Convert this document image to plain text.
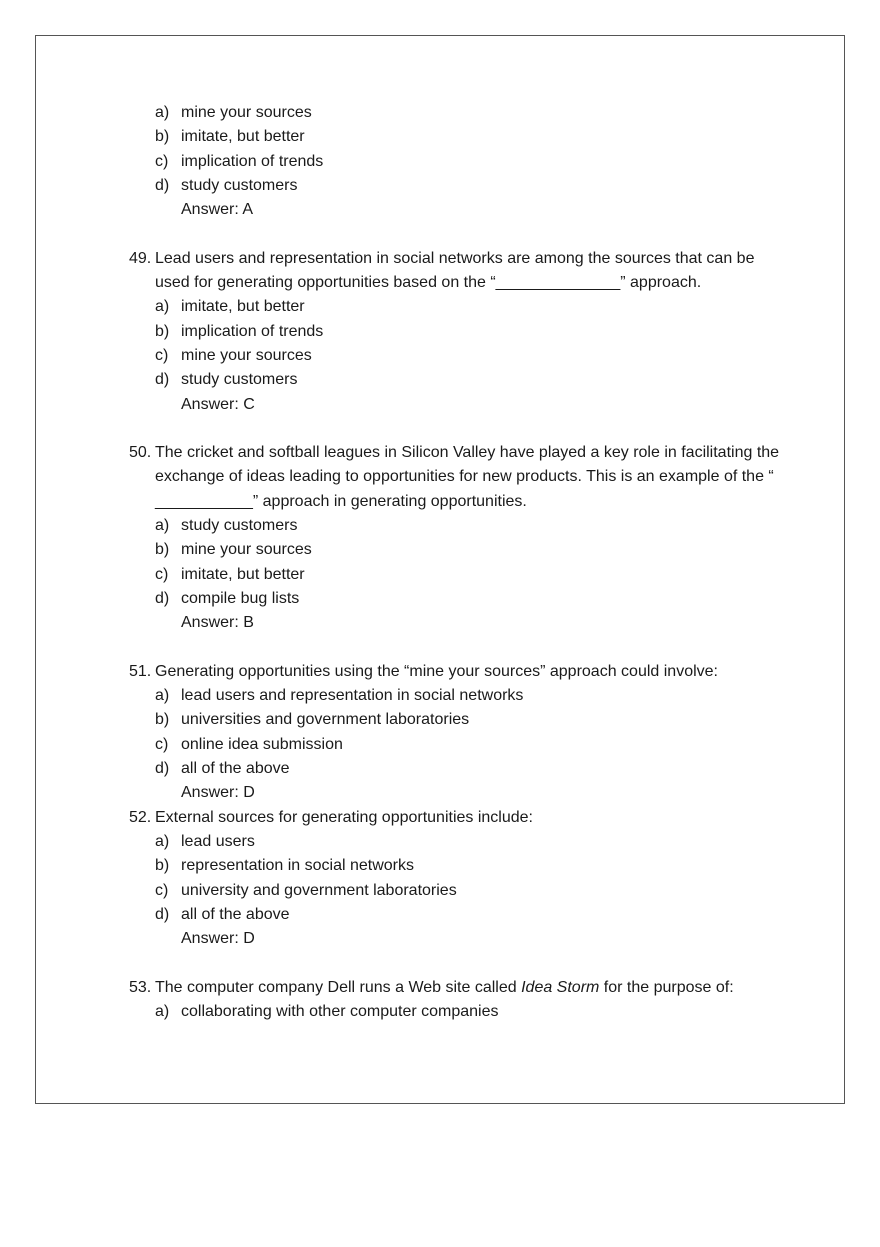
a) mine your sources
b) imitate, but better
c) implication of trends
d) study customers
Answer: A
49. Lead users and representation in social networks are among the sources that can be used for generating opportunities based on the “______________” approach.
a) imitate, but better
b) implication of trends
c) mine your sources
d) study customers
Answer: C
50. The cricket and softball leagues in Silicon Valley have played a key role in facilitating the exchange of ideas leading to opportunities for new products. This is an example of the “ ___________” approach in generating opportunities.
a) study customers
b) mine your sources
c) imitate, but better
d) compile bug lists
Answer: B
51. Generating opportunities using the “mine your sources” approach could involve:
a) lead users and representation in social networks
b) universities and government laboratories
c) online idea submission
d) all of the above
Answer: D
52. External sources for generating opportunities include:
a) lead users
b) representation in social networks
c) university and government laboratories
d) all of the above
Answer: D
53. The computer company Dell runs a Web site called Idea Storm for the purpose of:
a) collaborating with other computer companies
